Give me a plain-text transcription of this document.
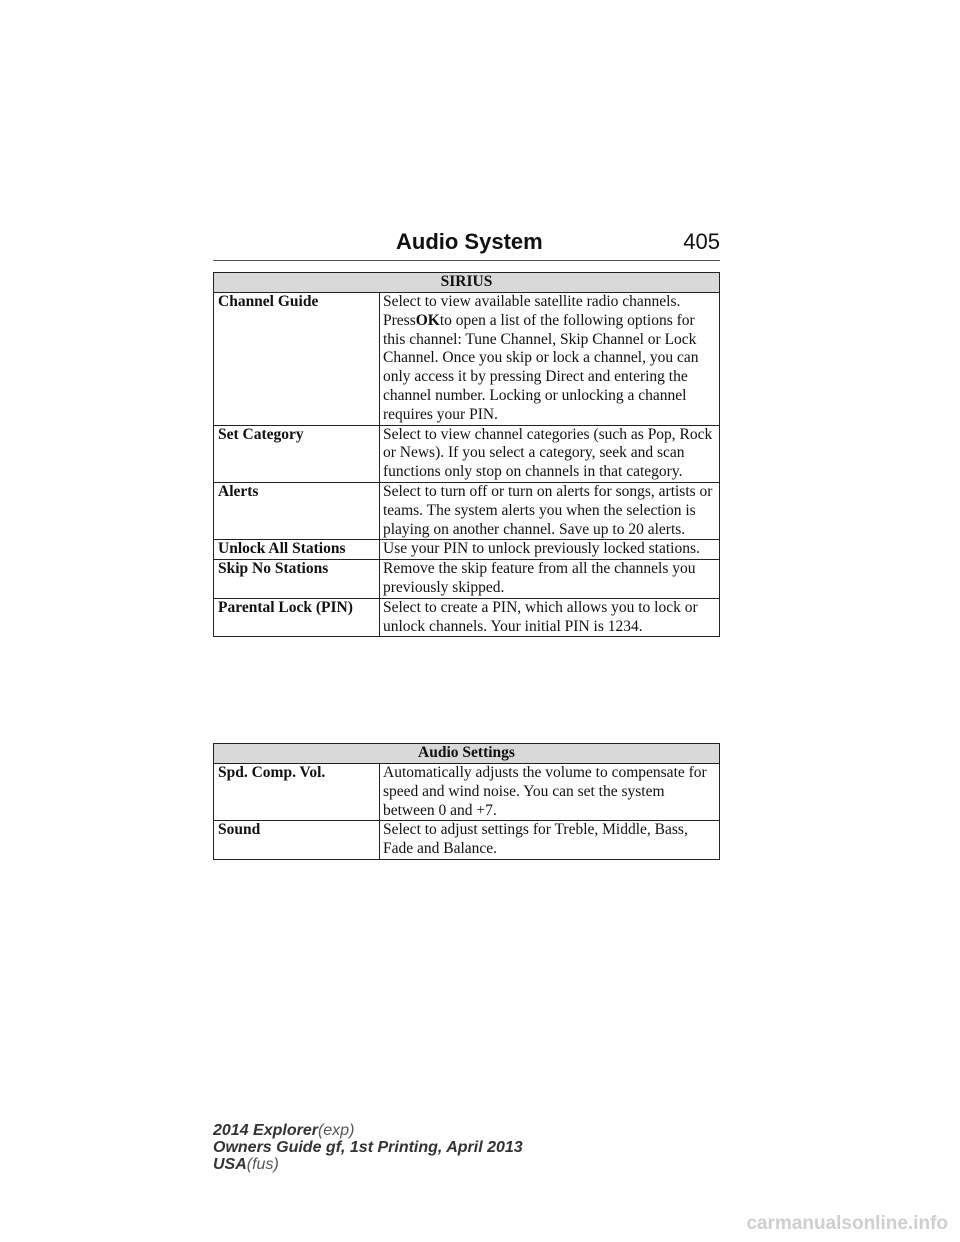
Audio System	405
SIRIUS	
Channel Guide	Select to view available satellite radio channels. PressOKto open a list of the following options for this channel: Tune Channel, Skip Channel or Lock Channel. Once you skip or lock a channel, you can only access it by pressing Direct and entering the channel number. Locking or unlocking a channel requires your PIN.
Set Category	Select to view channel categories (such as Pop, Rock or News). If you select a category, seek and scan functions only stop on channels in that category.
Alerts	Select to turn off or turn on alerts for songs, artists or teams. The system alerts you when the selection is playing on another channel. Save up to 20 alerts.
Unlock All Stations	Use your PIN to unlock previously locked stations.
Skip No Stations	Remove the skip feature from all the channels you previously skipped.
Parental Lock (PIN)	Select to create a PIN, which allows you to lock or unlock channels. Your initial PIN is 1234.
Audio Settings	
Spd. Comp. Vol.	Automatically adjusts the volume to compensate for speed and wind noise. You can set the system between 0 and +7.
Sound	Select to adjust settings for Treble, Middle, Bass, Fade and Balance.
2014 Explorer(exp)
Owners Guide gf, 1st Printing, April 2013
USA(fus)
carmanualsonline.info
